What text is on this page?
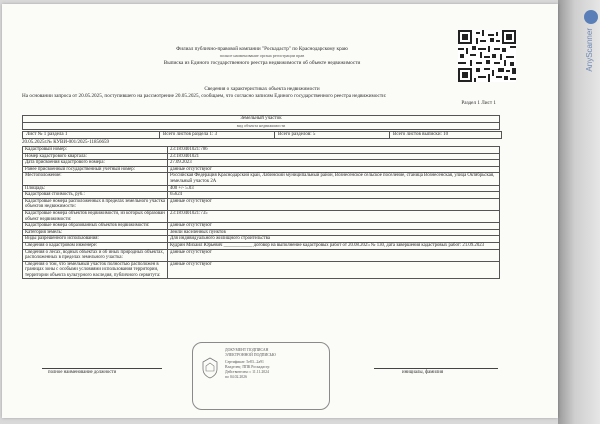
AnyScanner
Филиал публично-правовой компании "Роскадастр" по Краснодарскому краю
полное наименование органа регистрации прав
Выписка из Единого государственного реестра недвижимости об объекте недвижимости
Сведения о характеристиках объекта недвижимости
На основании запроса от 20.05.2025, поступившего на рассмотрение 20.05.2025, сообщаем, что согласно записям Единого государственного реестра недвижимости:
Раздел 1 Лист 1
Земельный участок
вид объекта недвижимости
Лист № 1 раздела 1	Всего листов раздела 1: 3	Всего разделов: 5	Всего листов выписки: 10
20.05.2025г.№ КУВИ-001/2025-11856659
Кадастровый номер:	23:18:0401021:786
Номер кадастрового квартала:	23:18:0401021
Дата присвоения кадастрового номера:	27.09.2023
Ранее присвоенный государственный учетный номер:	данные отсутствуют
Местоположение:	Российская Федерация Краснодарский край, Лабинский муниципальный район, Вознесенское сельское поселение, станица Вознесенская, улица Октябрьская, земельный участок 2А
Площадь:	400 +/- 5.03
Кадастровая стоимость, руб.:	65624
Кадастровые номера расположенных в пределах земельного участка объектов недвижимости:	данные отсутствуют
Кадастровые номера объектов недвижимости, из которых образован объект недвижимости:	23:18:0401021:735
Кадастровые номера образованных объектов недвижимости:	данные отсутствуют
Категория земель:	Земли населенных пунктов
Виды разрешенного использования:	Для индивидуального жилищного строительства
Сведения о кадастровом инженере:	Кудрин Михаил Юрьевич ____________ договор на выполнение кадастровых работ от 20.08.2025 № 130, дата завершения кадастровых работ: 21.09.2023
Сведения о лесах, водных объектах и об иных природных объектах, расположенных в пределах земельного участка:	данные отсутствуют
Сведения о том, что земельный участок полностью расположен в границах зоны с особыми условиями использования территории, территории объекта культурного наследия, публичного сервитута:	данные отсутствуют
ДОКУМЕНТ ПОДПИСАН
ЭЛЕКТРОННОЙ ПОДПИСЬЮ
Сертификат: 5e83...2a91
Владелец: ППК Роскадастр
Действителен: с 11.11.2024
по 04.02.2026
полное наименование должности	инициалы, фамилия
